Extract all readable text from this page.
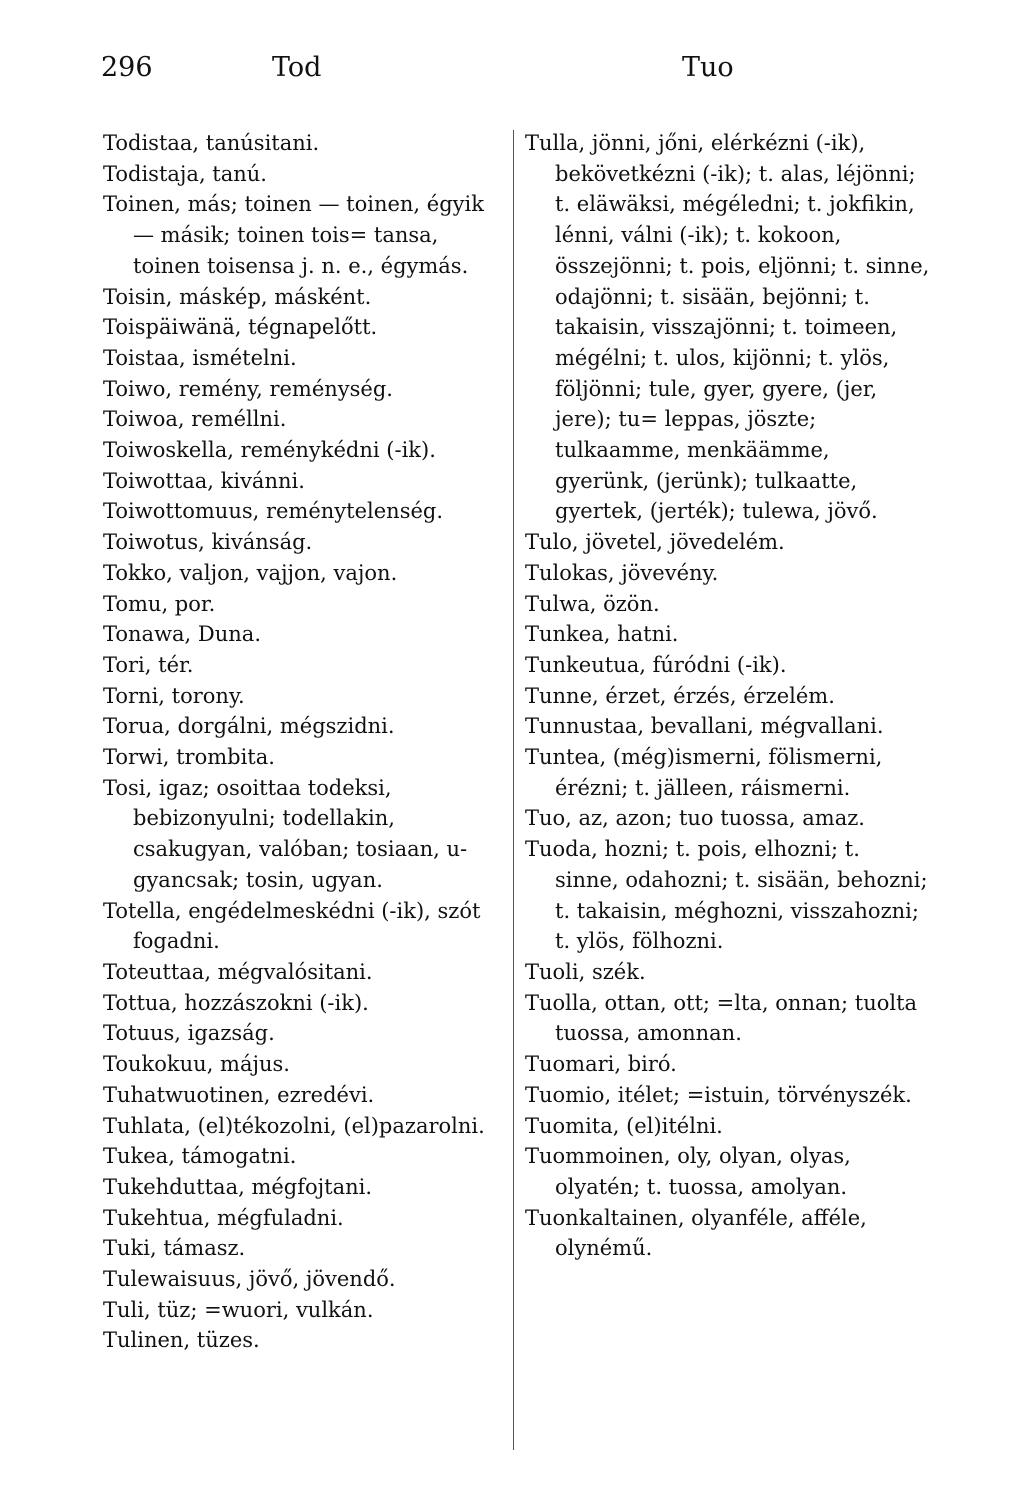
296	Tod	Tuo

Todistaa, tanúsitani.

Todistaja, tanú.

Toinen, más; toinen — toinen, égyik — másik; toinen tois= tansa, toinen toisensa j. n. e., égymás.

Toisin, máskép, másként.

Toispäiwänä, tégnapelőtt.

Toistaa, ismételni.

Toiwo, remény, reménység.

Toiwoa, reméllni.

Toiwoskella, reménykédni (-ik).

Toiwottaa, kivánni.

Toiwottomuus, reménytelenség.

Toiwotus, kivánság.

Tokko, valjon, vajjon, vajon.

Tomu, por.

Tonawa, Duna.

Tori, tér.

Torni, torony.

Torua, dorgálni, mégszidni.

Torwi, trombita.

Tosi, igaz; osoittaa todeksi, bebizonyulni; todellakin, csakugyan, valóban; tosiaan, u-gyancsak; tosin, ugyan.

Totella, engédelmeskédni (-ik), szót fogadni.

Toteuttaa, mégvalósitani.

Tottua, hozzászokni (-ik).

Totuus, igazság.

Toukokuu, május.

Tuhatwuotinen, ezredévi.

Tuhlata, (el)tékozolni, (el)pazarolni.

Tukea, támogatni.

Tukehduttaa, mégfojtani.

Tukehtua, mégfuladni.

Tuki, támasz.

Tulewaisuus, jövő, jövendő.

Tuli, tüz; =wuori, vulkán.

Tulinen, tüzes.

Tulla, jönni, jőni, elérkézni (-ik), bekövetkézni (-ik); t. alas, léjönni; t. eläwäksi, mégéledni; t. jokfikin, lénni, válni (-ik); t. kokoon, összejönni; t. pois, eljönni; t. sinne, odajönni; t. sisään, bejönni; t. takaisin, visszajönni; t. toimeen, mégélni; t. ulos, kijönni; t. ylös, följönni; tule, gyer, gyere, (jer, jere); tu= leppas, jöszte; tulkaamme, menkäämme, gyerünk, (jerünk); tulkaatte, gyertek, (jerték); tulewa, jövő.

Tulo, jövetel, jövedelém.

Tulokas, jövevény.

Tulwa, özön.

Tunkea, hatni.

Tunkeutua, fúródni (-ik).

Tunne, érzet, érzés, érzelém.

Tunnustaa, bevallani, mégvallani.

Tuntea, (még)ismerni, fölismerni, érézni; t. jälleen, ráismerni.

Tuo, az, azon; tuo tuossa, amaz.

Tuoda, hozni; t. pois, elhozni; t. sinne, odahozni; t. sisään, behozni; t. takaisin, méghozni, visszahozni; t. ylös, fölhozni.

Tuoli, szék.

Tuolla, ottan, ott; =lta, onnan; tuolta tuossa, amonnan.

Tuomari, biró.

Tuomio, itélet; =istuin, törvényszék.

Tuomita, (el)itélni.

Tuommoinen, oly, olyan, olyas, olyatén; t. tuossa, amolyan.

Tuonkaltainen, olyanféle, afféle, olynémű.
